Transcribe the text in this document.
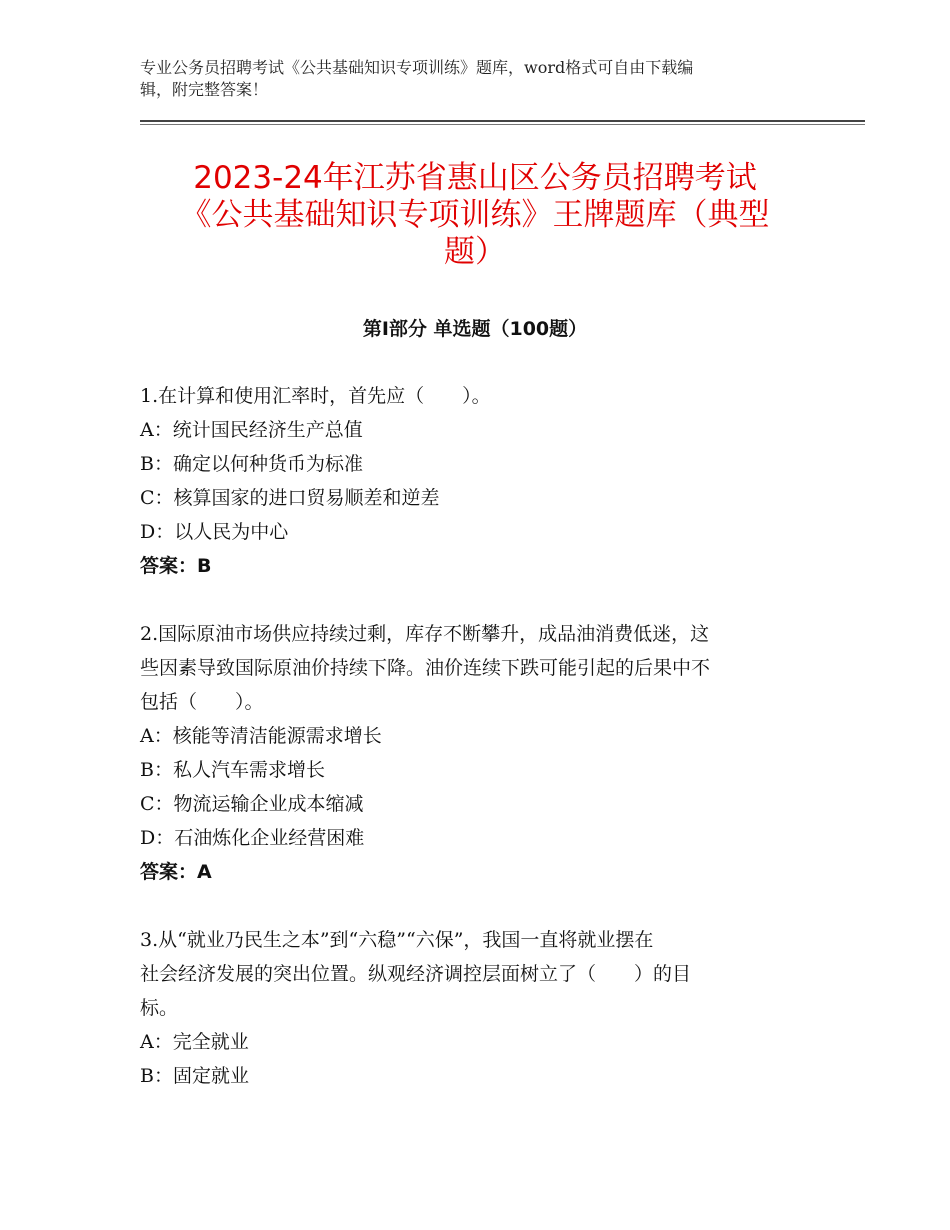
专业公务员招聘考试《公共基础知识专项训练》题库，word格式可自由下载编
辑，附完整答案！
2023-24年江苏省惠山区公务员招聘考试
《公共基础知识专项训练》王牌题库（典型
题）
第Ⅰ部分 单选题（100题）
1.在计算和使用汇率时，首先应（　　）。
A：统计国民经济生产总值
B：确定以何种货币为标准
C：核算国家的进口贸易顺差和逆差
D：以人民为中心
答案：B
2.国际原油市场供应持续过剩，库存不断攀升，成品油消费低迷，这
些因素导致国际原油价持续下降。油价连续下跌可能引起的后果中不
包括（　　）。
A：核能等清洁能源需求增长
B：私人汽车需求增长
C：物流运输企业成本缩减
D：石油炼化企业经营困难
答案：A
3.从“就业乃民生之本”到“六稳”“六保”，我国一直将就业摆在
社会经济发展的突出位置。纵观经济调控层面树立了（　　）的目
标。
A：完全就业
B：固定就业
